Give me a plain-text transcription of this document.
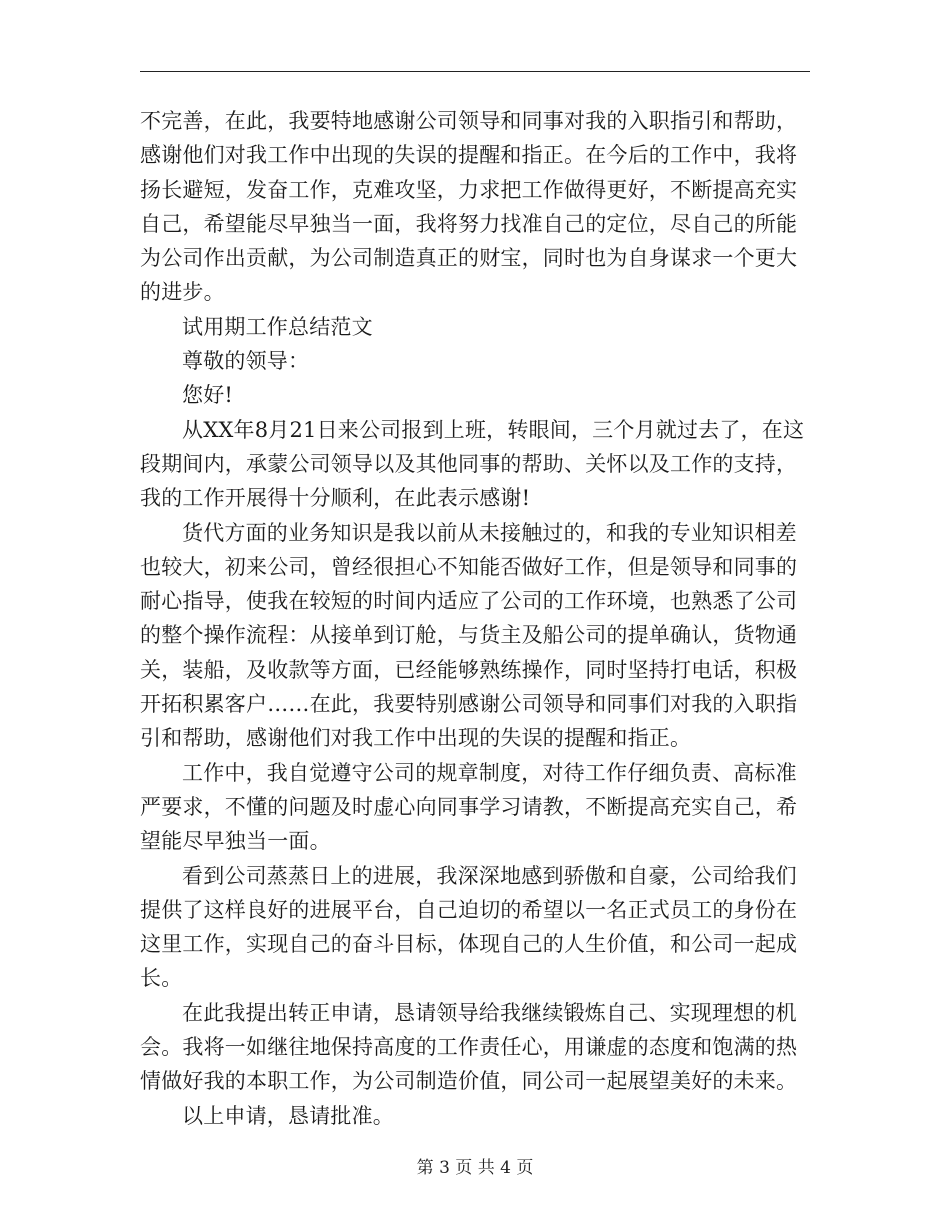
不完善，在此，我要特地感谢公司领导和同事对我的入职指引和帮助，感谢他们对我工作中出现的失误的提醒和指正。在今后的工作中，我将扬长避短，发奋工作，克难攻坚，力求把工作做得更好，不断提高充实自己，希望能尽早独当一面，我将努力找准自己的定位，尽自己的所能为公司作出贡献，为公司制造真正的财宝，同时也为自身谋求一个更大的进步。

试用期工作总结范文

尊敬的领导：

您好!

从XX年8月21日来公司报到上班，转眼间，三个月就过去了，在这段期间内，承蒙公司领导以及其他同事的帮助、关怀以及工作的支持，我的工作开展得十分顺利，在此表示感谢!

货代方面的业务知识是我以前从未接触过的，和我的专业知识相差也较大，初来公司，曾经很担心不知能否做好工作，但是领导和同事的耐心指导，使我在较短的时间内适应了公司的工作环境，也熟悉了公司的整个操作流程：从接单到订舱，与货主及船公司的提单确认，货物通关，装船，及收款等方面，已经能够熟练操作，同时坚持打电话，积极开拓积累客户……在此，我要特别感谢公司领导和同事们对我的入职指引和帮助，感谢他们对我工作中出现的失误的提醒和指正。

工作中，我自觉遵守公司的规章制度，对待工作仔细负责、高标准严要求，不懂的问题及时虚心向同事学习请教，不断提高充实自己，希望能尽早独当一面。

看到公司蒸蒸日上的进展，我深深地感到骄傲和自豪，公司给我们提供了这样良好的进展平台，自己迫切的希望以一名正式员工的身份在这里工作，实现自己的奋斗目标，体现自己的人生价值，和公司一起成长。

在此我提出转正申请，恳请领导给我继续锻炼自己、实现理想的机会。我将一如继往地保持高度的工作责任心，用谦虚的态度和饱满的热情做好我的本职工作，为公司制造价值，同公司一起展望美好的未来。

以上申请，恳请批准。

第 3 页 共 4 页
